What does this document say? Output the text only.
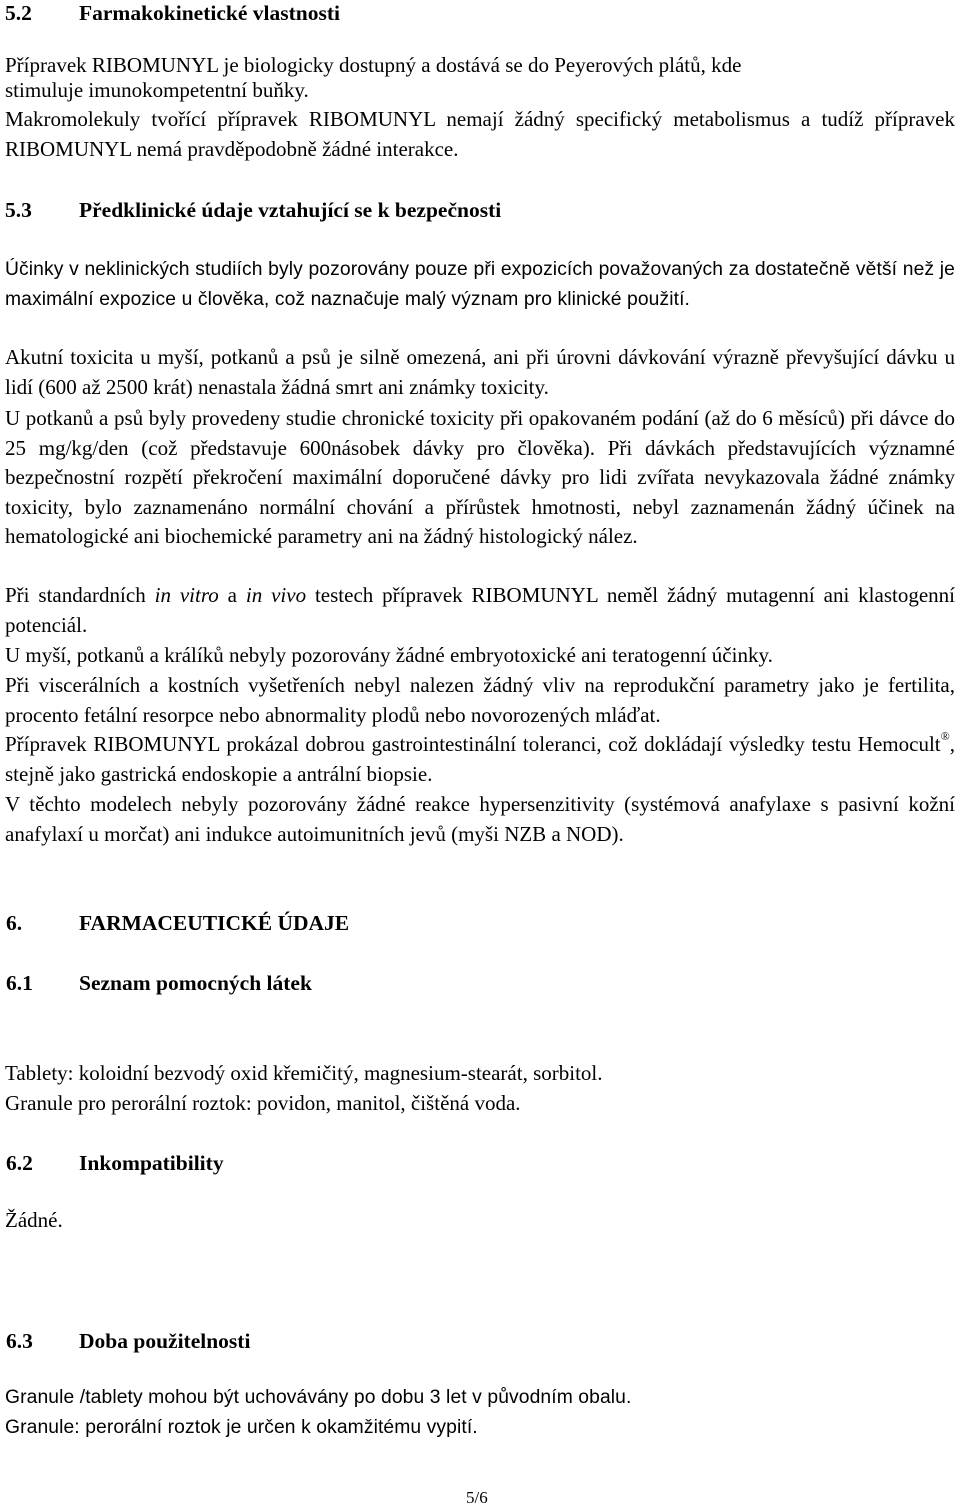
5.2 Farmakokinetické vlastnosti
Přípravek RIBOMUNYL je biologicky dostupný a dostává se do Peyerových plátů, kde
stimuluje imunokompetentní buňky.

Makromolekuly tvořící přípravek RIBOMUNYL nemají žádný specifický metabolismus a tudíž přípravek RIBOMUNYL nemá pravděpodobně žádné interakce.

5.3 Předklinické údaje vztahující se k bezpečnosti

Účinky v neklinických studiích byly pozorovány pouze při expozicích považovaných za dostatečně větší než je maximální expozice u člověka, což naznačuje malý význam pro klinické použití.

Akutní toxicita u myší, potkanů a psů je silně omezená, ani při úrovni dávkování výrazně převyšující dávku u lidí (600 až 2500 krát) nenastala žádná smrt ani známky toxicity.

U potkanů a psů byly provedeny studie chronické toxicity při opakovaném podání (až do 6 měsíců) při dávce do 25 mg/kg/den (což představuje 600násobek dávky pro člověka). Při dávkách představujících významné bezpečnostní rozpětí překročení maximální doporučené dávky pro lidi zvířata nevykazovala žádné známky toxicity, bylo zaznamenáno normální chování a přírůstek hmotnosti, nebyl zaznamenán žádný účinek na hematologické ani biochemické parametry ani na žádný histologický nález.

Při standardních in vitro a in vivo testech přípravek RIBOMUNYL neměl žádný mutagenní ani klastogenní potenciál.

U myší, potkanů a králíků nebyly pozorovány žádné embryotoxické ani teratogenní účinky.

Při viscerálních a kostních vyšetřeních nebyl nalezen žádný vliv na reprodukční parametry jako je fertilita, procento fetální resorpce nebo abnormality plodů nebo novorozených mláďat.

Přípravek RIBOMUNYL prokázal dobrou gastrointestinální toleranci, což dokládají výsledky testu Hemocult®, stejně jako gastrická endoskopie a antrální biopsie.

V těchto modelech nebyly pozorovány žádné reakce hypersenzitivity (systémová anafylaxe s pasivní kožní anafylaxí u morčat) ani indukce autoimunitních jevů (myši NZB a NOD).

6.	FARMACEUTICKÉ ÚDAJE
6.1 Seznam pomocných látek
Tablety: koloidní bezvodý oxid křemičitý, magnesium-stearát, sorbitol.
Granule pro perorální roztok: povidon, manitol, čištěná voda.
6.2 Inkompatibility
Žádné.
6.3 Doba použitelnosti
Granule /tablety mohou být uchovávány po dobu 3 let v původním obalu.
Granule: perorální roztok je určen k okamžitému vypití.
5/6
